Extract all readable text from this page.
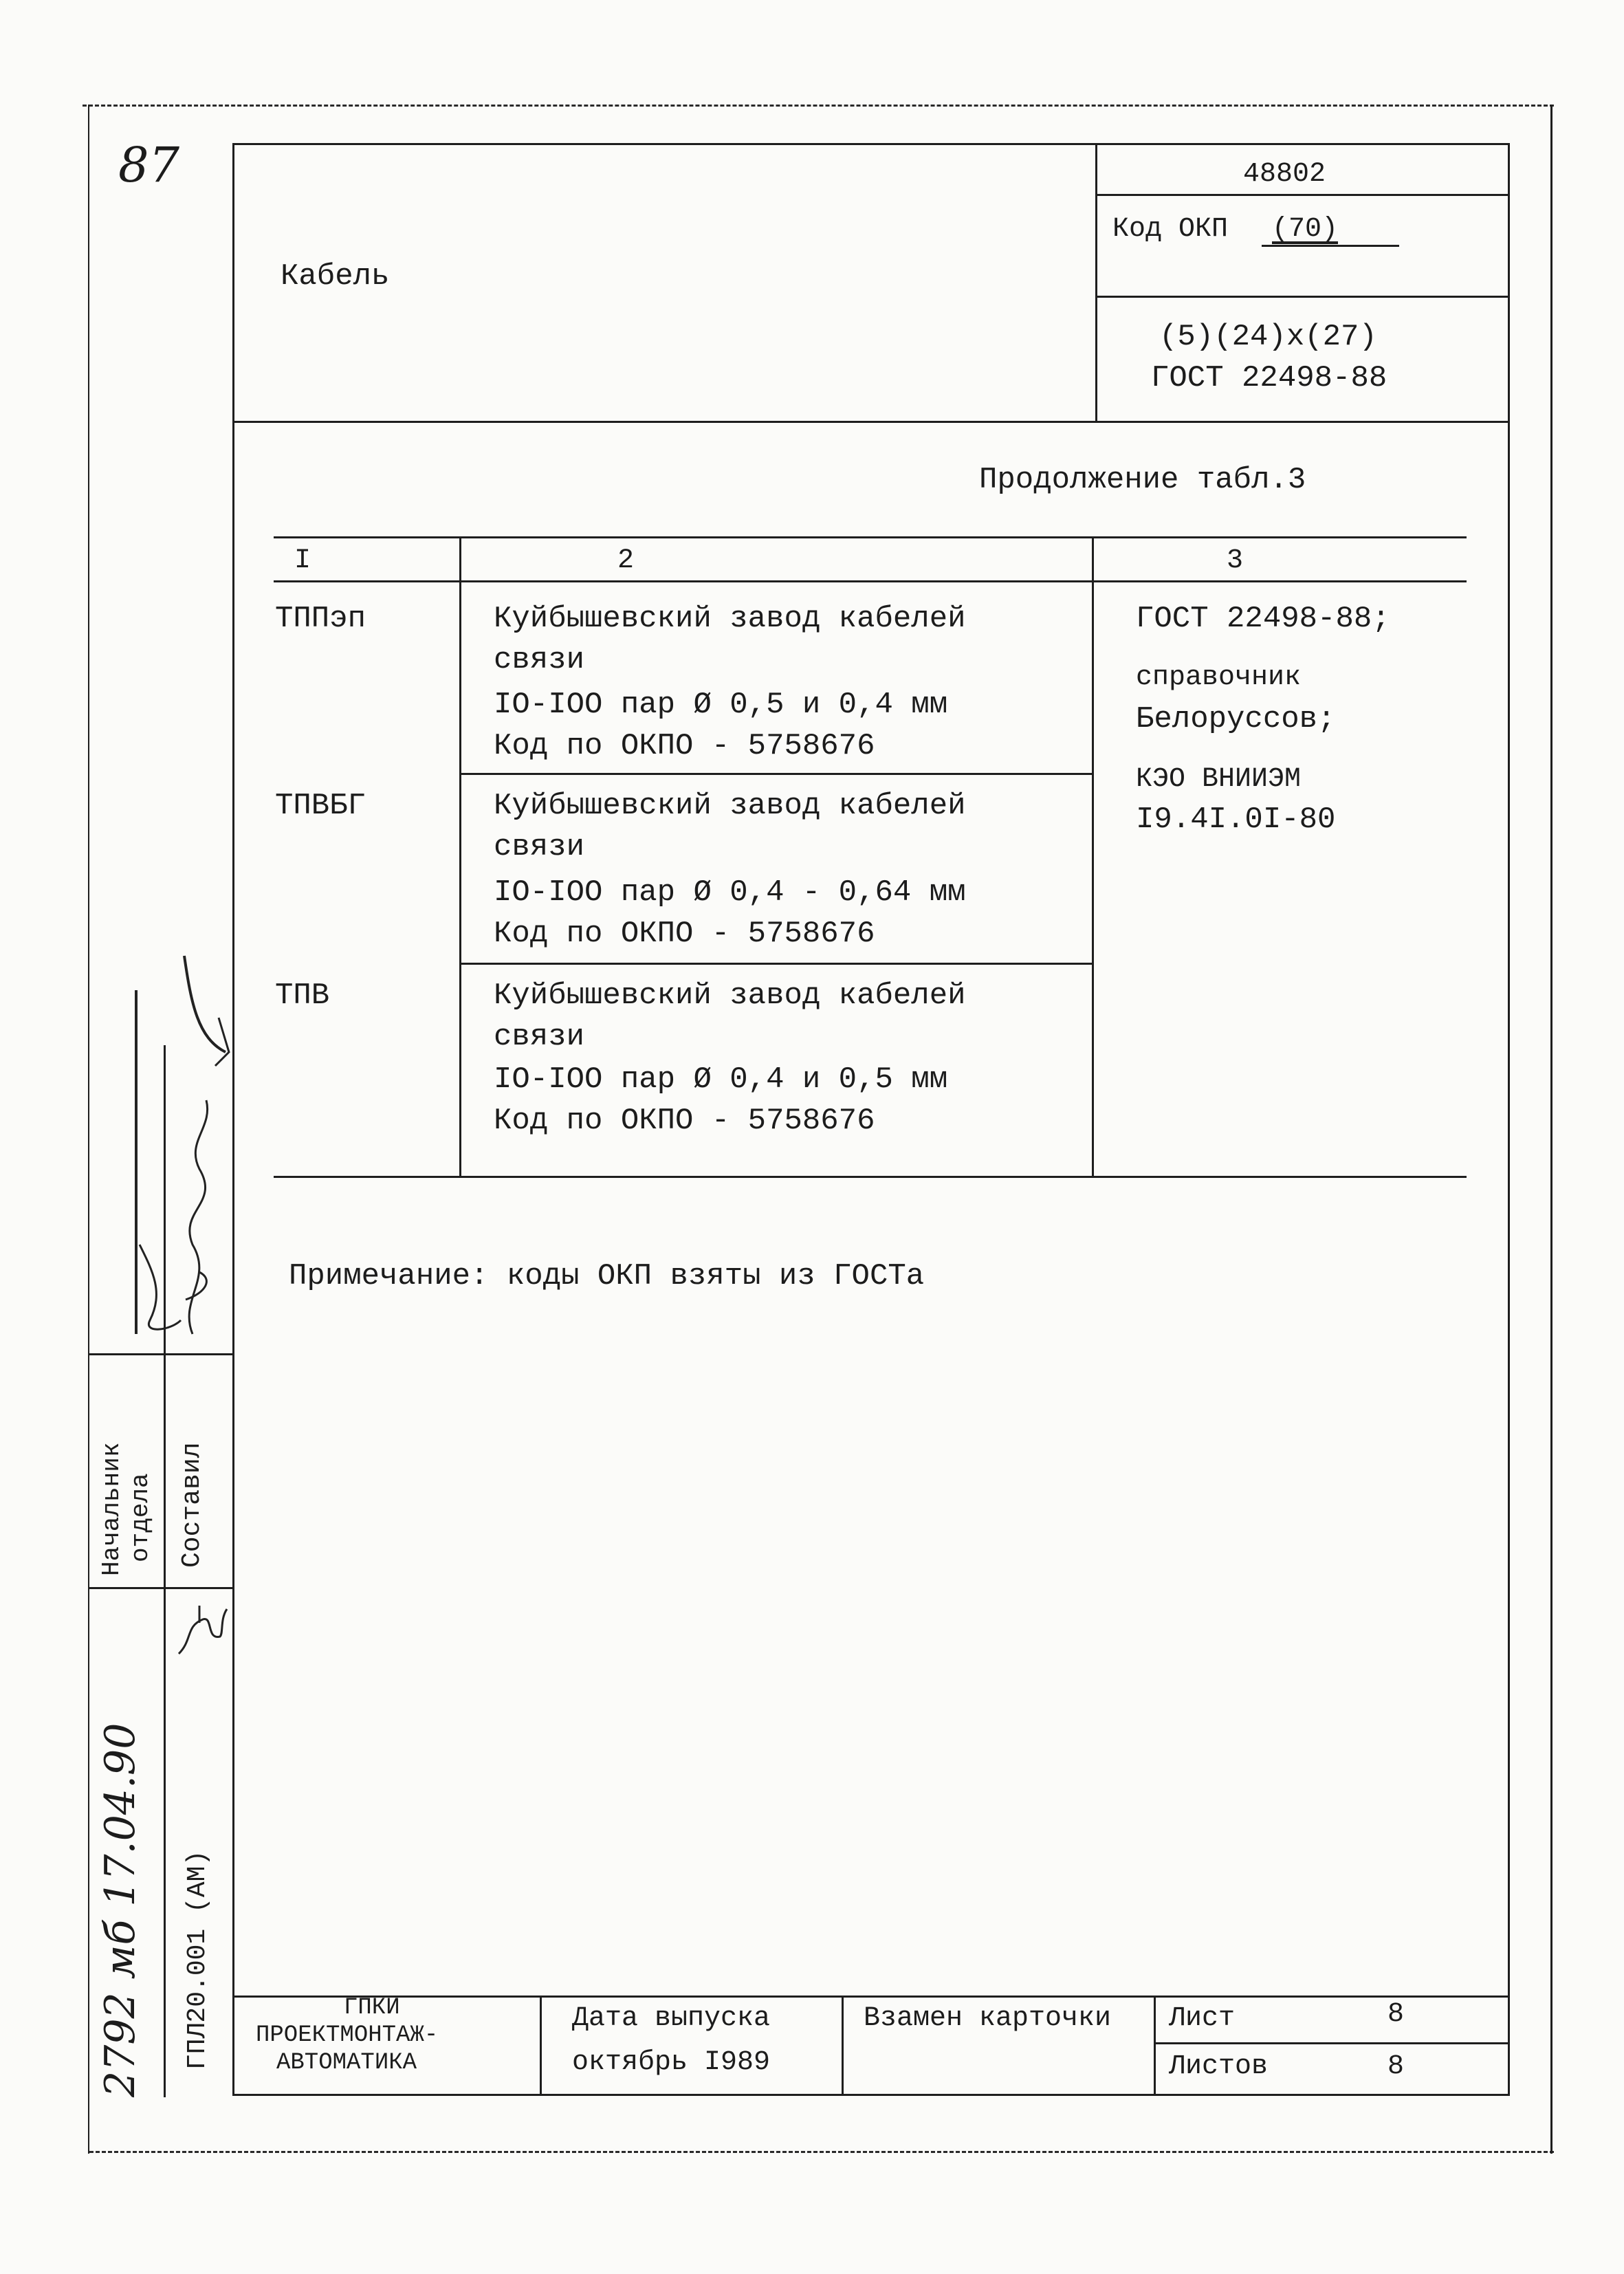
87
Кабель
48802
Код ОКП (70)
(5)(24)x(27)
ГОСТ 22498-88
Продолжение табл.3
I	2	3
ТППэп	Куйбышевский завод кабелей
связи
IO-IOO пар Ø 0,5 и 0,4 мм
Код по ОКПО - 5758676
ТПВБГ	Куйбышевский завод кабелей
связи
IO-IOO пар Ø 0,4 - 0,64 мм
Код по ОКПО - 5758676
ТПВ	Куйбышевский завод кабелей
связи
IO-IOO пар Ø 0,4 и 0,5 мм
Код по ОКПО - 5758676
ГОСТ 22498-88;
справочник
Белоруссов;
КЭО ВНИИЭМ
I9.4I.0I-80
Примечание: коды ОКП взяты из ГОСТа
ГПКИ
ПРОЕКТМОНТАЖ-
АВТОМАТИКА
Дата выпуска
октябрь I989
Взамен карточки Лист	8
Листов	8
Начальник отдела Составил
ГПЛ20.001 (АМ)
2792 мб 17.04.90
